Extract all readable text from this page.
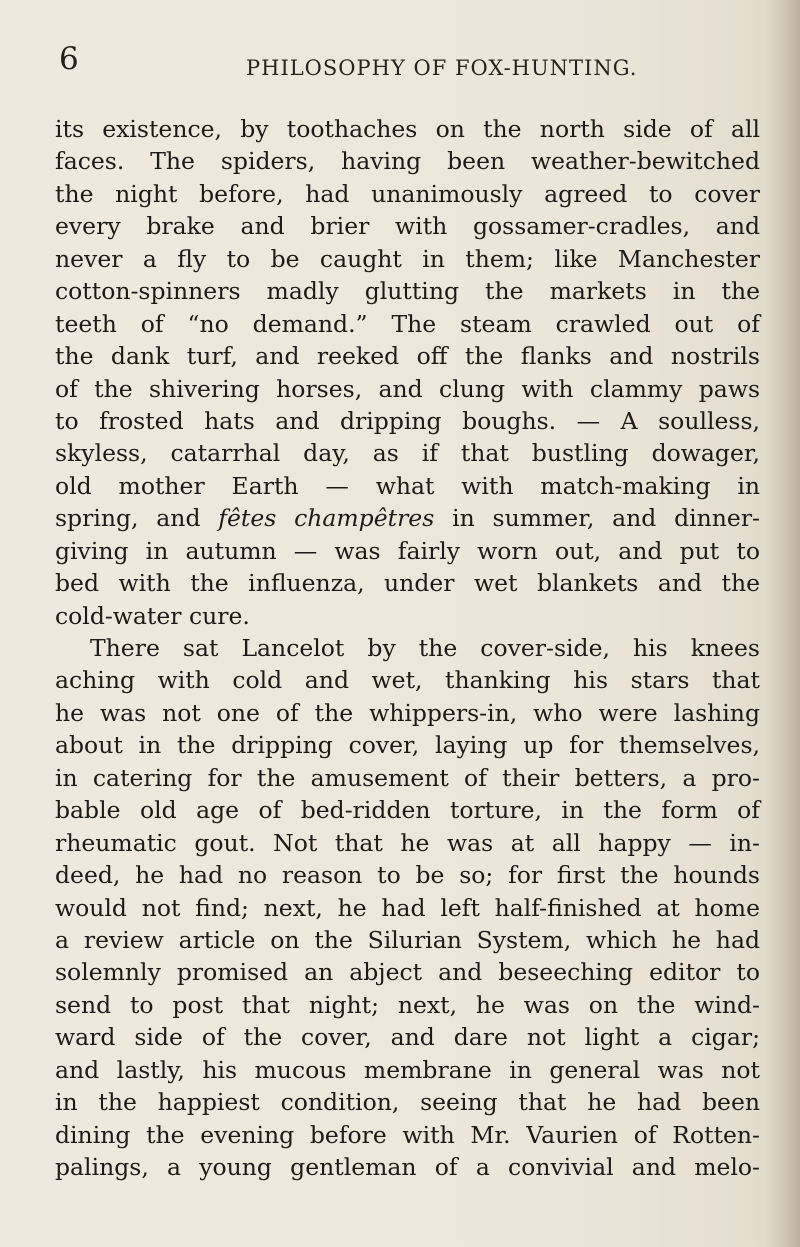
6	PHILOSOPHY OF FOX-HUNTING.
its existence, by toothaches on the north side of all
faces. The spiders, having been weather-bewitched
the night before, had unanimously agreed to cover
every brake and brier with gossamer-cradles, and
never a fly to be caught in them; like Manchester
cotton-spinners madly glutting the markets in the
teeth of “no demand.” The steam crawled out of
the dank turf, and reeked off the flanks and nostrils
of the shivering horses, and clung with clammy paws
to frosted hats and dripping boughs. — A soulless,
skyless, catarrhal day, as if that bustling dowager,
old mother Earth — what with match-making in
spring, and fêtes champêtres in summer, and dinner-
giving in autumn — was fairly worn out, and put to
bed with the influenza, under wet blankets and the
cold-water cure.
There sat Lancelot by the cover-side, his knees
aching with cold and wet, thanking his stars that
he was not one of the whippers-in, who were lashing
about in the dripping cover, laying up for themselves,
in catering for the amusement of their betters, a pro-
bable old age of bed-ridden torture, in the form of
rheumatic gout. Not that he was at all happy — in-
deed, he had no reason to be so; for first the hounds
would not find; next, he had left half-finished at home
a review article on the Silurian System, which he had
solemnly promised an abject and beseeching editor to
send to post that night; next, he was on the wind-
ward side of the cover, and dare not light a cigar;
and lastly, his mucous membrane in general was not
in the happiest condition, seeing that he had been
dining the evening before with Mr. Vaurien of Rotten-
palings, a young gentleman of a convivial and melo-
